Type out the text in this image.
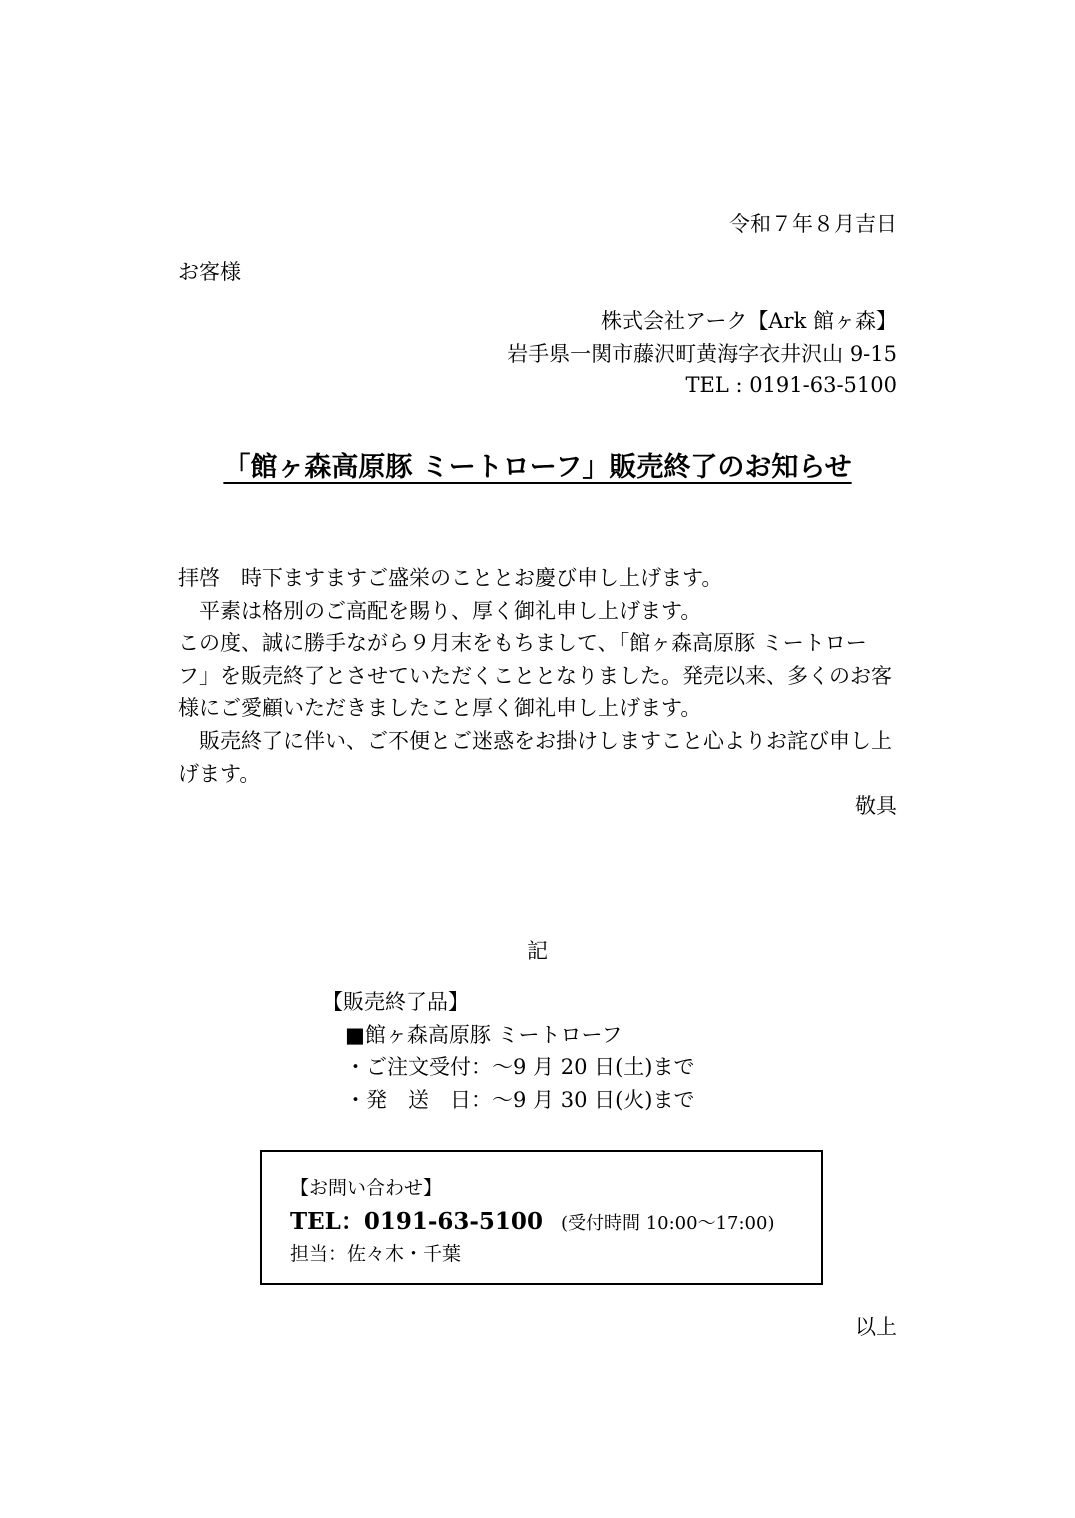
令和７年８月吉日
お客様
株式会社アーク【Ark 館ヶ森】
岩手県一関市藤沢町黄海字衣井沢山 9-15
TEL : 0191-63-5100
「館ヶ森高原豚 ミートローフ」販売終了のお知らせ

拝啓　時下ますますご盛栄のこととお慶び申し上げます。

平素は格別のご高配を賜り、厚く御礼申し上げます。

この度、誠に勝手ながら９月末をもちまして、「館ヶ森高原豚 ミートローフ」を販売終了とさせていただくこととなりました。発売以来、多くのお客様にご愛顧いただきましたこと厚く御礼申し上げます。

販売終了に伴い、ご不便とご迷惑をお掛けしますこと心よりお詫び申し上げます。

敬具

記
【販売終了品】
■館ヶ森高原豚 ミートローフ
・ご注文受付：～9 月 20 日(土)まで
・発　送　日：～9 月 30 日(火)まで
【お問い合わせ】
TEL：0191-63-5100 (受付時間 10:00～17:00)
担当：佐々木・千葉
以上
